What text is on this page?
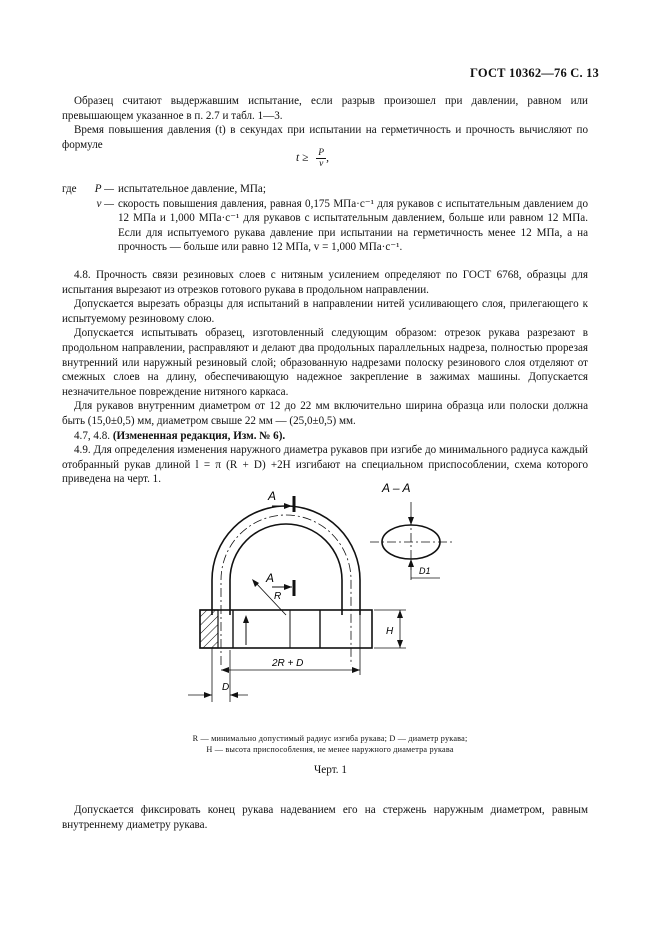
ГОСТ 10362—76 С. 13

Образец считают выдержавшим испытание, если разрыв произошел при давлении, равном или превышающем указанное в п. 2.7 и табл. 1—3.

Время повышения давления (t) в секундах при испытании на герметичность и прочность вычисляют по формуле

$t \ge \frac{P}{v}$ ,
где	P — испытательное давление, МПа;
v — скорость повышения давления, равная 0,175 МПа·с⁻¹ для рукавов с испытательным давлением до 12 МПа и 1,000 МПа·с⁻¹ для рукавов с испытательным давлением, больше или равном 12 МПа. Если для испытуемого рукава давление при испытании на герметичность менее 12 МПа, а на прочность — больше или равно 12 МПа, v = 1,000 МПа·с⁻¹.

4.8. Прочность связи резиновых слоев с нитяным усилением определяют по ГОСТ 6768, образцы для испытания вырезают из отрезков готового рукава в продольном направлении.

Допускается вырезать образцы для испытаний в направлении нитей усиливающего слоя, прилегающего к испытуемому резиновому слою.

Допускается испытывать образец, изготовленный следующим образом: отрезок рукава разрезают в продольном направлении, расправляют и делают два продольных параллельных надреза, полностью прорезая внутренний или наружный резиновый слой; образованную надрезами полоску резинового слоя отделяют от смежных слоев на длину, обеспечивающую надежное закрепление в зажимах машины. Допускается незначительное повреждение нитяного каркаса.

Для рукавов внутренним диаметром от 12 до 22 мм включительно ширина образца или полоски должна быть (15,0±0,5) мм, диаметром свыше 22 мм — (25,0±0,5) мм.

4.7, 4.8. (Измененная редакция, Изм. № 6).

4.9. Для определения изменения наружного диаметра рукавов при изгибе до минимального радиуса каждый отобранный рукав длиной l = π (R + D) +2H изгибают на специальном приспособлении, схема которого приведена на черт. 1.

R
A
A
H
2R + D
D
A – A
D1
R — минимально допустимый радиус изгиба рукава; D — диаметр рукава;
H — высота приспособления, не менее наружного диаметра рукава
Черт. 1

Допускается фиксировать конец рукава надеванием его на стержень наружным диаметром, равным внутреннему диаметру рукава.
